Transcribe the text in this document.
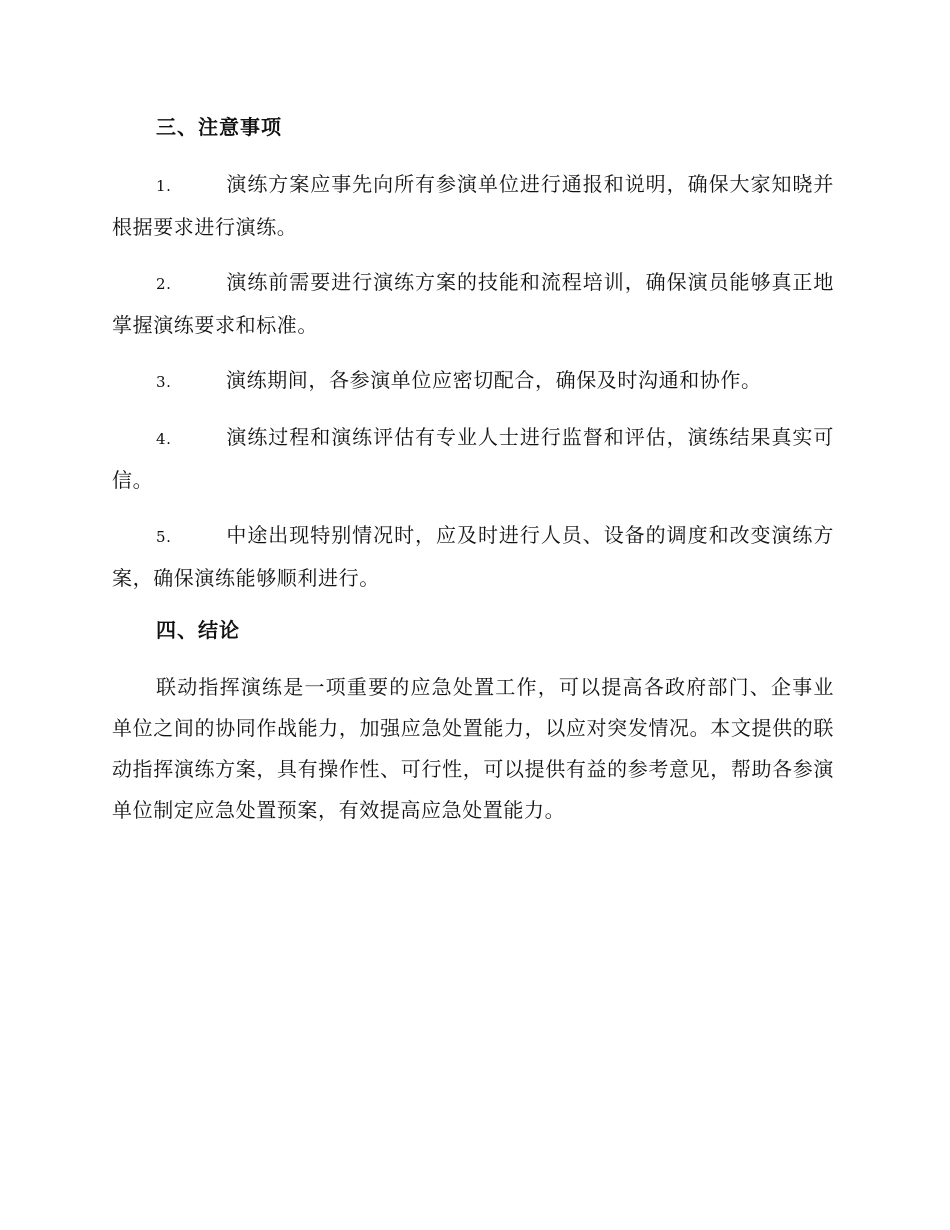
三、注意事项

1.	演练方案应事先向所有参演单位进行通报和说明，确保大家知晓并根据要求进行演练。

2.	演练前需要进行演练方案的技能和流程培训，确保演员能够真正地掌握演练要求和标准。

3.	演练期间，各参演单位应密切配合，确保及时沟通和协作。

4.	演练过程和演练评估有专业人士进行监督和评估，演练结果真实可信。

5.	中途出现特别情况时，应及时进行人员、设备的调度和改变演练方案，确保演练能够顺利进行。

四、结论

联动指挥演练是一项重要的应急处置工作，可以提高各政府部门、企事业单位之间的协同作战能力，加强应急处置能力，以应对突发情况。本文提供的联动指挥演练方案，具有操作性、可行性，可以提供有益的参考意见，帮助各参演单位制定应急处置预案，有效提高应急处置能力。
